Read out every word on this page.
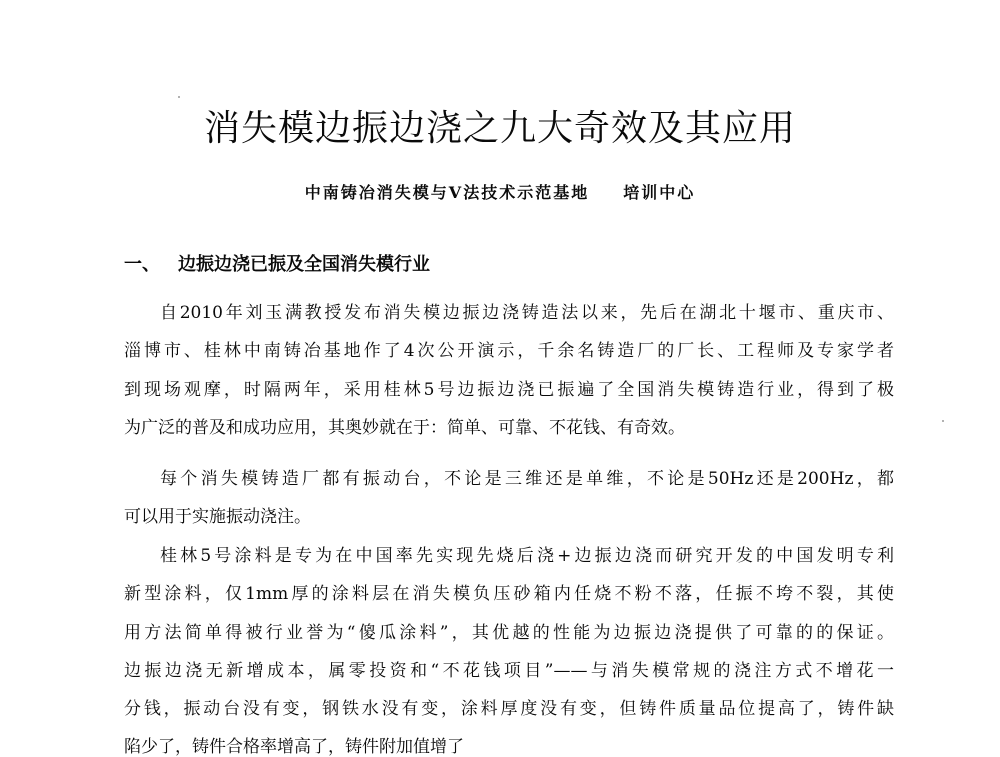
消失模边振边浇之九大奇效及其应用
中南铸冶消失模与V法技术示范基地 培训中心
一、 边振边浇已振及全国消失模行业
自2010年刘玉满教授发布消失模边振边浇铸造法以来，先后在湖北十堰市、重庆市、
淄博市、桂林中南铸冶基地作了4次公开演示，千余名铸造厂的厂长、工程师及专家学者
到现场观摩，时隔两年，采用桂林5号边振边浇已振遍了全国消失模铸造行业，得到了极
为广泛的普及和成功应用，其奥妙就在于：简单、可靠、不花钱、有奇效。
每个消失模铸造厂都有振动台，不论是三维还是单维，不论是50Hz还是200Hz，都
可以用于实施振动浇注。
桂林5号涂料是专为在中国率先实现先烧后浇+边振边浇而研究开发的中国发明专利
新型涂料，仅1mm厚的涂料层在消失模负压砂箱内任烧不粉不落，任振不垮不裂，其使
用方法简单得被行业誉为“傻瓜涂料”，其优越的性能为边振边浇提供了可靠的的保证。
边振边浇无新增成本，属零投资和“不花钱项目”——与消失模常规的浇注方式不增花一
分钱，振动台没有变，钢铁水没有变，涂料厚度没有变，但铸件质量品位提高了，铸件缺
陷少了，铸件合格率增高了，铸件附加值增了
